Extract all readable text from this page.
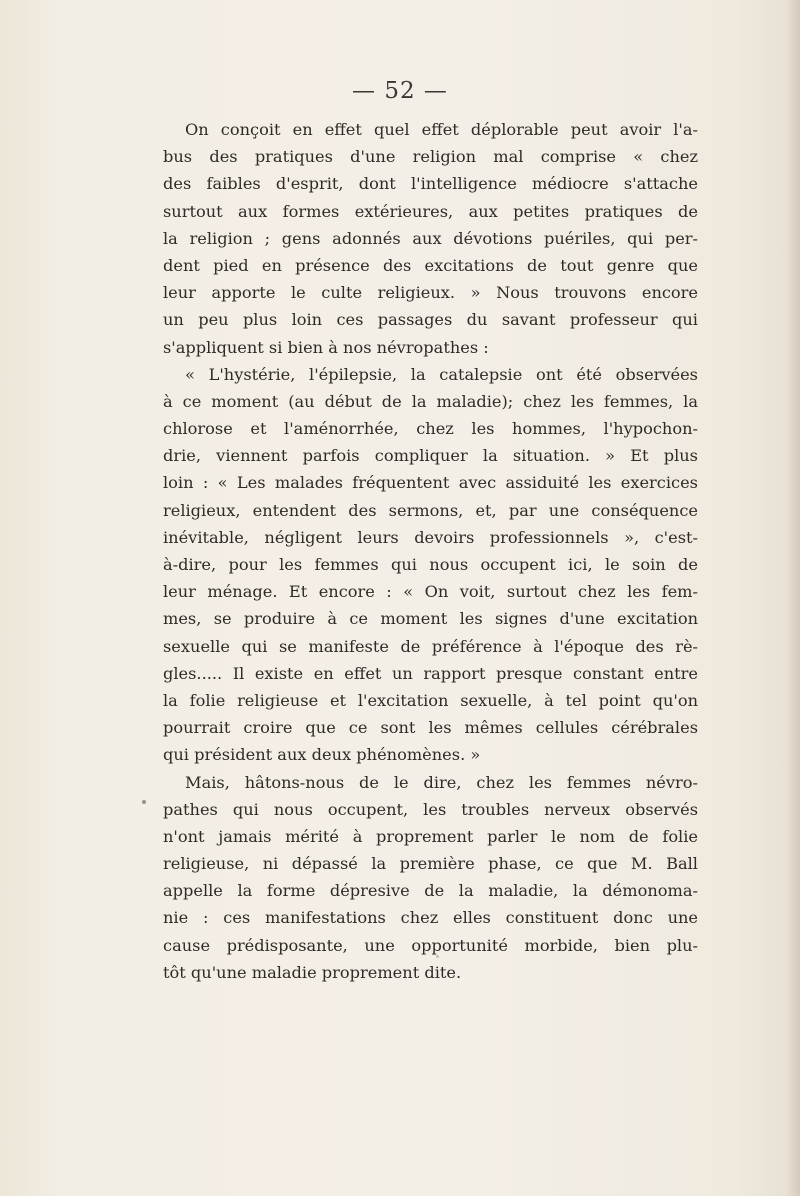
— 52 —
On conçoit en effet quel effet déplorable peut avoir l'a-
bus des pratiques d'une religion mal comprise « chez
des faibles d'esprit, dont l'intelligence médiocre s'attache
surtout aux formes extérieures, aux petites pratiques de
la religion ; gens adonnés aux dévotions puériles, qui per-
dent pied en présence des excitations de tout genre que
leur apporte le culte religieux. » Nous trouvons encore
un peu plus loin ces passages du savant professeur qui
s'appliquent si bien à nos névropathes :
« L'hystérie, l'épilepsie, la catalepsie ont été observées
à ce moment (au début de la maladie); chez les femmes, la
chlorose et l'aménorrhée, chez les hommes, l'hypochon-
drie, viennent parfois compliquer la situation. » Et plus
loin : « Les malades fréquentent avec assiduité les exercices
religieux, entendent des sermons, et, par une conséquence
inévitable, négligent leurs devoirs professionnels », c'est-
à-dire, pour les femmes qui nous occupent ici, le soin de
leur ménage. Et encore : « On voit, surtout chez les fem-
mes, se produire à ce moment les signes d'une excitation
sexuelle qui se manifeste de préférence à l'époque des rè-
gles..... Il existe en effet un rapport presque constant entre
la folie religieuse et l'excitation sexuelle, à tel point qu'on
pourrait croire que ce sont les mêmes cellules cérébrales
qui président aux deux phénomènes. »
Mais, hâtons-nous de le dire, chez les femmes névro-
pathes qui nous occupent, les troubles nerveux observés
n'ont jamais mérité à proprement parler le nom de folie
religieuse, ni dépassé la première phase, ce que M. Ball
appelle la forme dépresive de la maladie, la démonoma-
nie : ces manifestations chez elles constituent donc une
cause prédisposante, une opportunité morbide, bien plu-
tôt qu'une maladie proprement dite.
